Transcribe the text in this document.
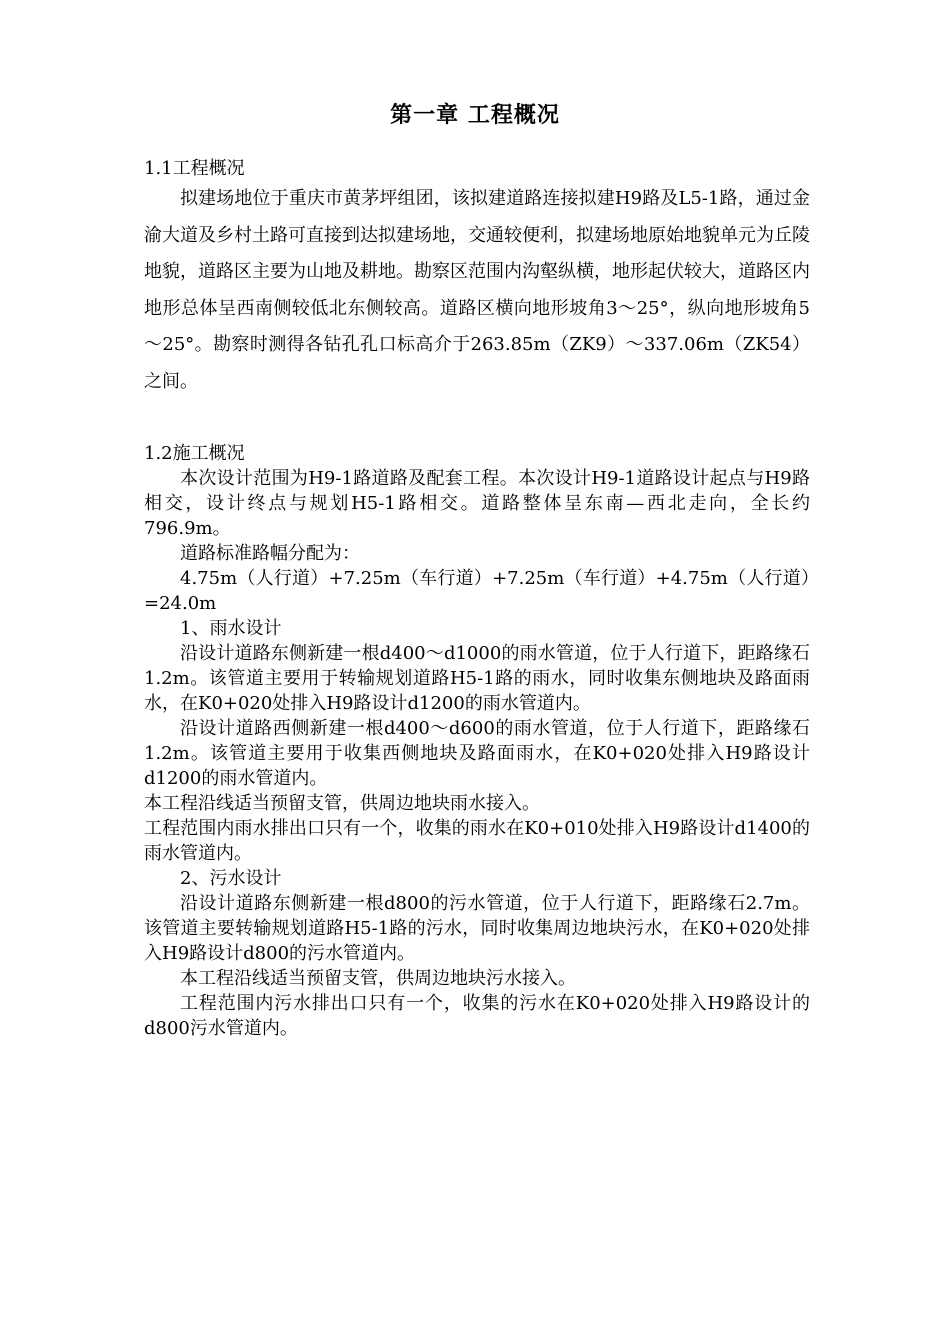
第一章 工程概况

1.1工程概况

拟建场地位于重庆市黄茅坪组团，该拟建道路连接拟建H9路及L5-1路，通过金渝大道及乡村土路可直接到达拟建场地，交通较便利，拟建场地原始地貌单元为丘陵地貌，道路区主要为山地及耕地。勘察区范围内沟壑纵横，地形起伏较大，道路区内地形总体呈西南侧较低北东侧较高。道路区横向地形坡角3～25°，纵向地形坡角5～25°。勘察时测得各钻孔孔口标高介于263.85m（ZK9）～337.06m（ZK54）之间。

1.2施工概况

本次设计范围为H9-1路道路及配套工程。本次设计H9-1道路设计起点与H9路相交，设计终点与规划H5-1路相交。道路整体呈东南—西北走向，全长约796.9m。

道路标准路幅分配为：

4.75m（人行道）+7.25m（车行道）+7.25m（车行道）+4.75m（人行道）=24.0m

1、雨水设计

沿设计道路东侧新建一根d400～d1000的雨水管道，位于人行道下，距路缘石1.2m。该管道主要用于转输规划道路H5-1路的雨水，同时收集东侧地块及路面雨水，在K0+020处排入H9路设计d1200的雨水管道内。

沿设计道路西侧新建一根d400～d600的雨水管道，位于人行道下，距路缘石1.2m。该管道主要用于收集西侧地块及路面雨水，在K0+020处排入H9路设计d1200的雨水管道内。

本工程沿线适当预留支管，供周边地块雨水接入。

工程范围内雨水排出口只有一个，收集的雨水在K0+010处排入H9路设计d1400的雨水管道内。

2、污水设计

沿设计道路东侧新建一根d800的污水管道，位于人行道下，距路缘石2.7m。该管道主要转输规划道路H5-1路的污水，同时收集周边地块污水，在K0+020处排入H9路设计d800的污水管道内。

本工程沿线适当预留支管，供周边地块污水接入。

工程范围内污水排出口只有一个，收集的污水在K0+020处排入H9路设计的d800污水管道内。
